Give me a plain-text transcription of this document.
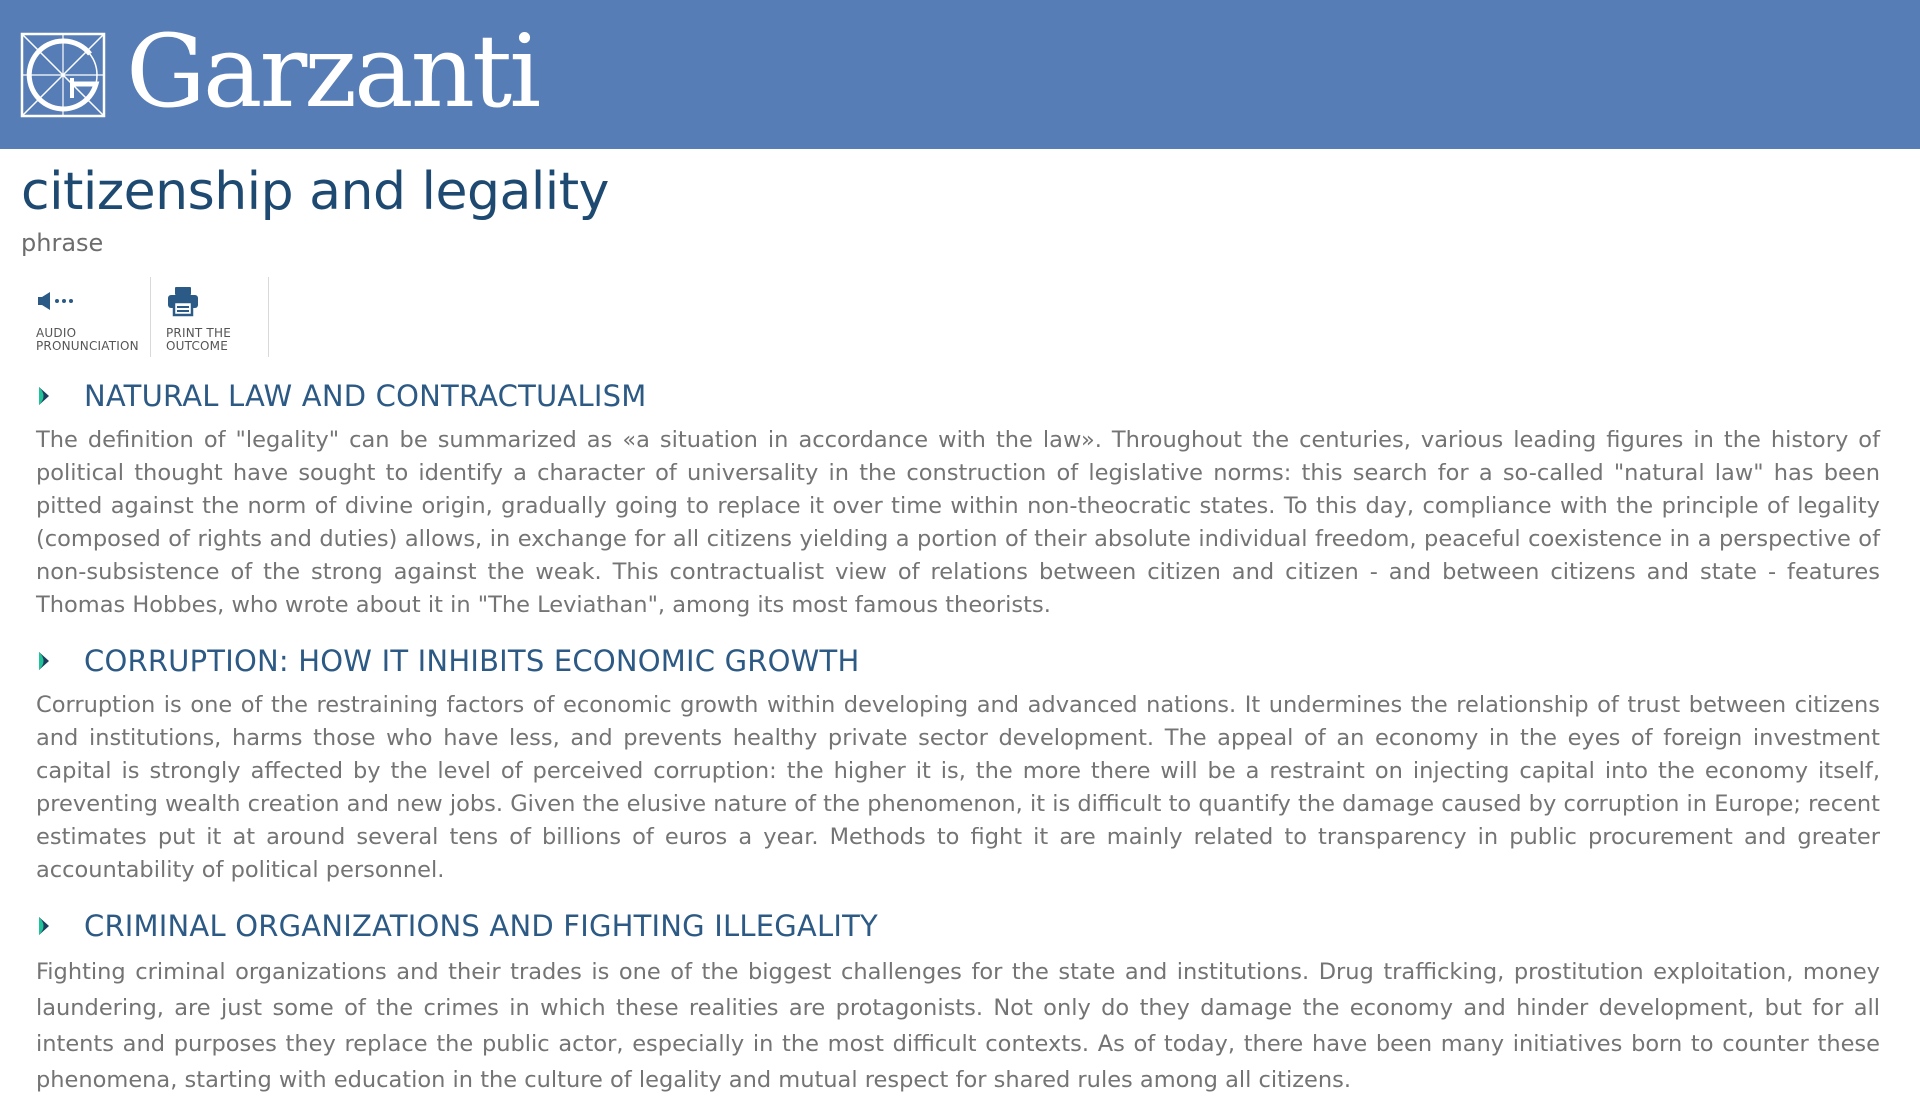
Garzanti
citizenship and legality
phrase
AUDIO
PRONUNCIATION
PRINT THE
OUTCOME
NATURAL LAW AND CONTRACTUALISM

The definition of "legality" can be summarized as «a situation in accordance with the law». Throughout the centuries, various leading figures in the history of political thought have sought to identify a character of universality in the construction of legislative norms: this search for a so-called "natural law" has been pitted against the norm of divine origin, gradually going to replace it over time within non-theocratic states. To this day, compliance with the principle of legality (composed of rights and duties) allows, in exchange for all citizens yielding a portion of their absolute individual freedom, peaceful coexistence in a perspective of non-subsistence of the strong against the weak. This contractualist view of relations between citizen and citizen - and between citizens and state - features Thomas Hobbes, who wrote about it in "The Leviathan", among its most famous theorists.

CORRUPTION: HOW IT INHIBITS ECONOMIC GROWTH

Corruption is one of the restraining factors of economic growth within developing and advanced nations. It undermines the relationship of trust between citizens and institutions, harms those who have less, and prevents healthy private sector development. The appeal of an economy in the eyes of foreign investment capital is strongly affected by the level of perceived corruption: the higher it is, the more there will be a restraint on injecting capital into the economy itself, preventing wealth creation and new jobs. Given the elusive nature of the phenomenon, it is difficult to quantify the damage caused by corruption in Europe; recent estimates put it at around several tens of billions of euros a year. Methods to fight it are mainly related to transparency in public procurement and greater accountability of political personnel.

CRIMINAL ORGANIZATIONS AND FIGHTING ILLEGALITY

Fighting criminal organizations and their trades is one of the biggest challenges for the state and institutions. Drug trafficking, prostitution exploitation, money laundering, are just some of the crimes in which these realities are protagonists. Not only do they damage the economy and hinder development, but for all intents and purposes they replace the public actor, especially in the most difficult contexts. As of today, there have been many initiatives born to counter these phenomena, starting with education in the culture of legality and mutual respect for shared rules among all citizens.
